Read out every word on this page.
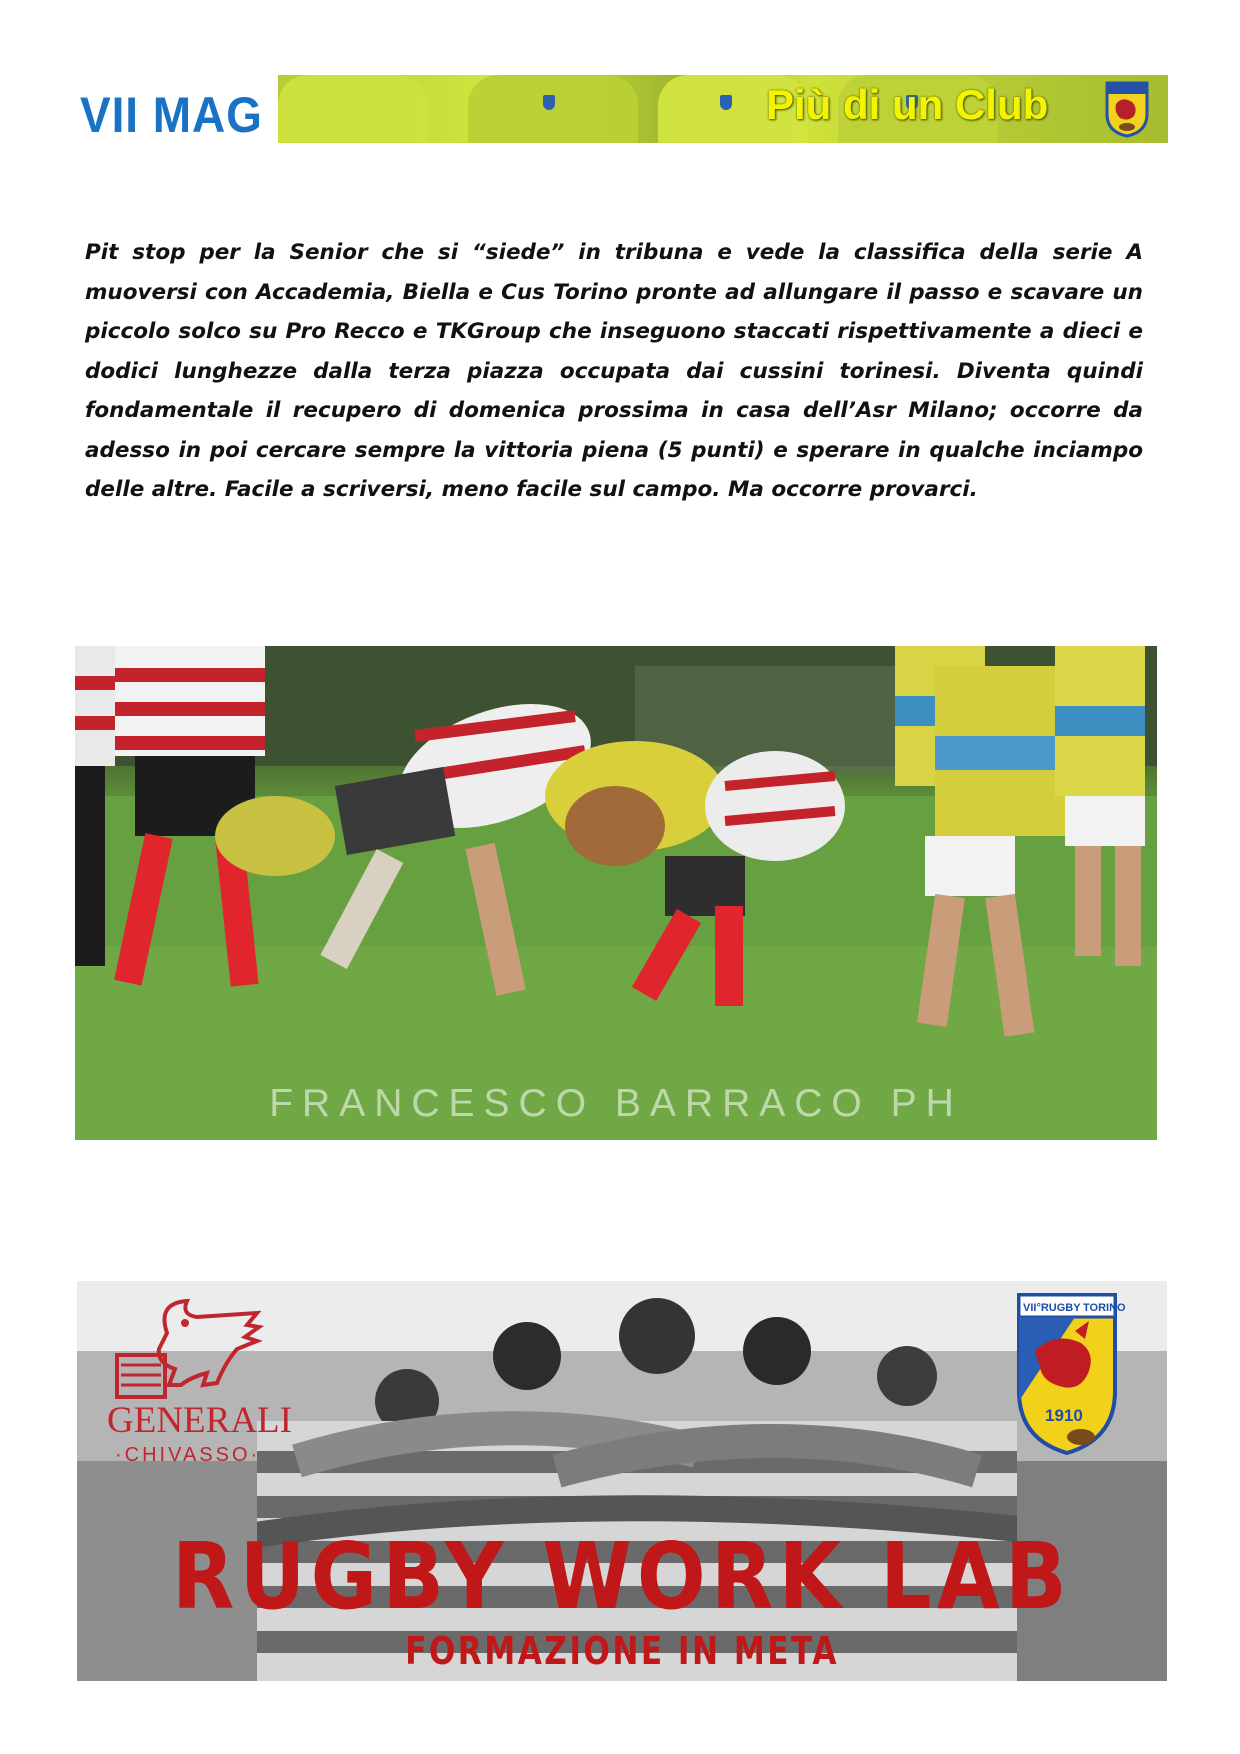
VII MAG	Più di un Club

Pit stop per la Senior che si “siede” in tribuna e vede la classifica della serie A muoversi con Accademia, Biella e Cus Torino pronte ad allungare il passo e scavare un piccolo solco su Pro Recco e TKGroup che inseguono staccati rispettivamente a dieci e dodici lunghezze dalla terza piazza occupata dai cussini torinesi. Diventa quindi fondamentale il recupero di domenica prossima in casa dell’Asr Milano; occorre da adesso in poi cercare sempre la vittoria piena (5 punti) e sperare in qualche inciampo delle altre. Facile a scriversi, meno facile sul campo. Ma occorre provarci.

FRANCESCO BARRACO PH
GENERALI
·CHIVASSO·
VII°RUGBY TORINO
1910
RUGBY WORK LAB
FORMAZIONE IN META
